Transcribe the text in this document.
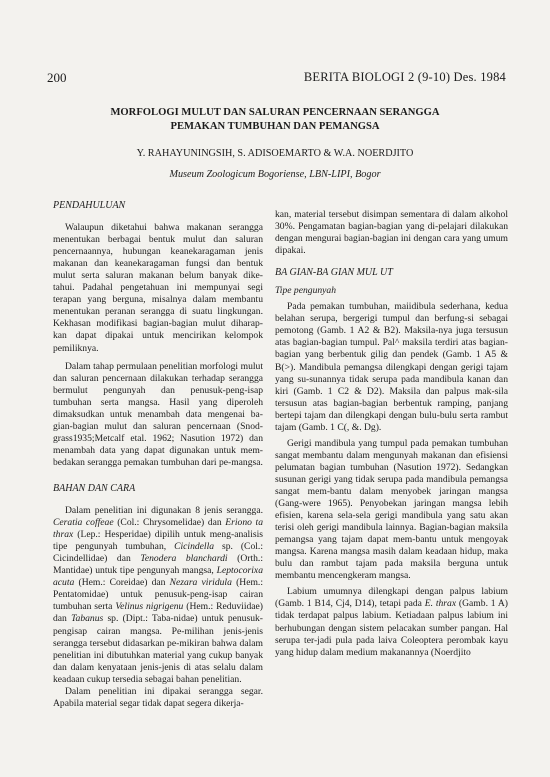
200	BERITA BIOLOGI 2 (9-10) Des. 1984
MORFOLOGI MULUT DAN SALURAN PENCERNAAN SERANGGA
PEMAKAN TUMBUHAN DAN PEMANGSA
Y. RAHAYUNINGSIH, S. ADISOEMARTO & W.A. NOERDJITO
Museum Zoologicum Bogoriense, LBN-LIPI, Bogor
PENDAHULUAN

Walaupun diketahui bahwa makanan serangga menentukan berbagai bentuk mulut dan saluran pencernaannya, hubungan keanekaragaman jenis makanan dan keanekaragaman fungsi dan bentuk mulut serta saluran makanan belum banyak dike-tahui. Padahal pengetahuan ini mempunyai segi terapan yang berguna, misalnya dalam membantu menentukan peranan serangga di suatu lingkungan. Kekhasan modifikasi bagian-bagian mulut diharap-kan dapat dipakai untuk mencirikan kelompok pemiliknya.

Dalam tahap permulaan penelitian morfologi mulut dan saluran pencernaan dilakukan terhadap serangga bermulut pengunyah dan penusuk-peng-isap tumbuhan serta mangsa. Hasil yang diperoleh dimaksudkan untuk menambah data mengenai ba-gian-bagian mulut dan saluran pencernaan (Snod-grass1935;Metcalf etal. 1962; Nasution 1972) dan menambah data yang dapat digunakan untuk mem-bedakan serangga pemakan tumbuhan dari pe-mangsa.

BAHAN DAN CARA

Dalam penelitian ini digunakan 8 jenis serangga. Ceratia coffeae (Col.: Chrysomelidae) dan Eriono ta thrax (Lep.: Hesperidae) dipilih untuk meng-analisis tipe pengunyah tumbuhan, Cicindella sp. (Col.: Cicindellidae) dan Tenodera blanchardi (Orth.: Mantidae) untuk tipe pengunyah mangsa, Leptocorixa acuta (Hem.: Coreidae) dan Nezara viridula (Hem.: Pentatomidae) untuk penusuk-peng-isap cairan tumbuhan serta Velinus nigrigenu (Hem.: Reduviidae) dan Tabanus sp. (Dipt.: Taba-nidae) untuk penusuk-pengisap cairan mangsa. Pe-milihan jenis-jenis serangga tersebut didasarkan pe-mikiran bahwa dalam penelitian ini dibutuhkan material yang cukup banyak dan dalam kenyataan jenis-jenis di atas selalu dalam keadaan cukup tersedia sebagai bahan penelitian.

Dalam penelitian ini dipakai serangga segar. Apabila material segar tidak dapat segera dikerja-

kan, material tersebut disimpan sementara di dalam alkohol 30%. Pengamatan bagian-bagian yang di-pelajari dilakukan dengan mengurai bagian-bagian ini dengan cara yang umum dipakai.

BA GIAN-BA GIAN MUL UT
Tipe pengunyah

Pada pemakan tumbuhan, maiidibula sederhana, kedua belahan serupa, bergerigi tumpul dan berfung-si sebagai pemotong (Gamb. 1 A2 & B2). Maksila-nya juga tersusun atas bagian-bagian tumpul. Pal^ maksila terdiri atas bagian-bagian yang berbentuk gilig dan pendek (Gamb. 1 A5 & B(>). Mandibula pemangsa dilengkapi dengan gerigi tajam yang su-sunannya tidak serupa pada mandibula kanan dan kiri (Gamb. 1 C2 & D2). Maksila dan palpus mak-sila tersusun atas bagian-bagian berbentuk ramping, panjang bertepi tajam dan dilengkapi dengan bulu-bulu serta rambut tajam (Gamb. 1 C(, &. Dg).

Gerigi mandibula yang tumpul pada pemakan tumbuhan sangat membantu dalam mengunyah makanan dan efisiensi pelumatan bagian tumbuhan (Nasution 1972). Sedangkan susunan gerigi yang tidak serupa pada mandibula pemangsa sangat mem-bantu dalam menyobek jaringan mangsa (Gang-were 1965). Penyobekan jaringan mangsa lebih efisien, karena sela-sela gerigi mandibula yang satu akan terisi oleh gerigi mandibula lainnya. Bagian-bagian maksila pemangsa yang tajam dapat mem-bantu untuk mengoyak mangsa. Karena mangsa masih dalam keadaan hidup, maka bulu dan rambut tajam pada maksila berguna untuk membantu mencengkeram mangsa.

Labium umumnya dilengkapi dengan palpus labium (Gamb. 1 B14, Cj4, D14), tetapi pada E. thrax (Gamb. 1 A) tidak terdapat palpus labium. Ketiadaan palpus labium ini berhubungan dengan sistem pelacakan sumber pangan. Hal serupa ter-jadi pula pada laiva Coleoptera perombak kayu yang hidup dalam medium makanannya (Noerdjito
